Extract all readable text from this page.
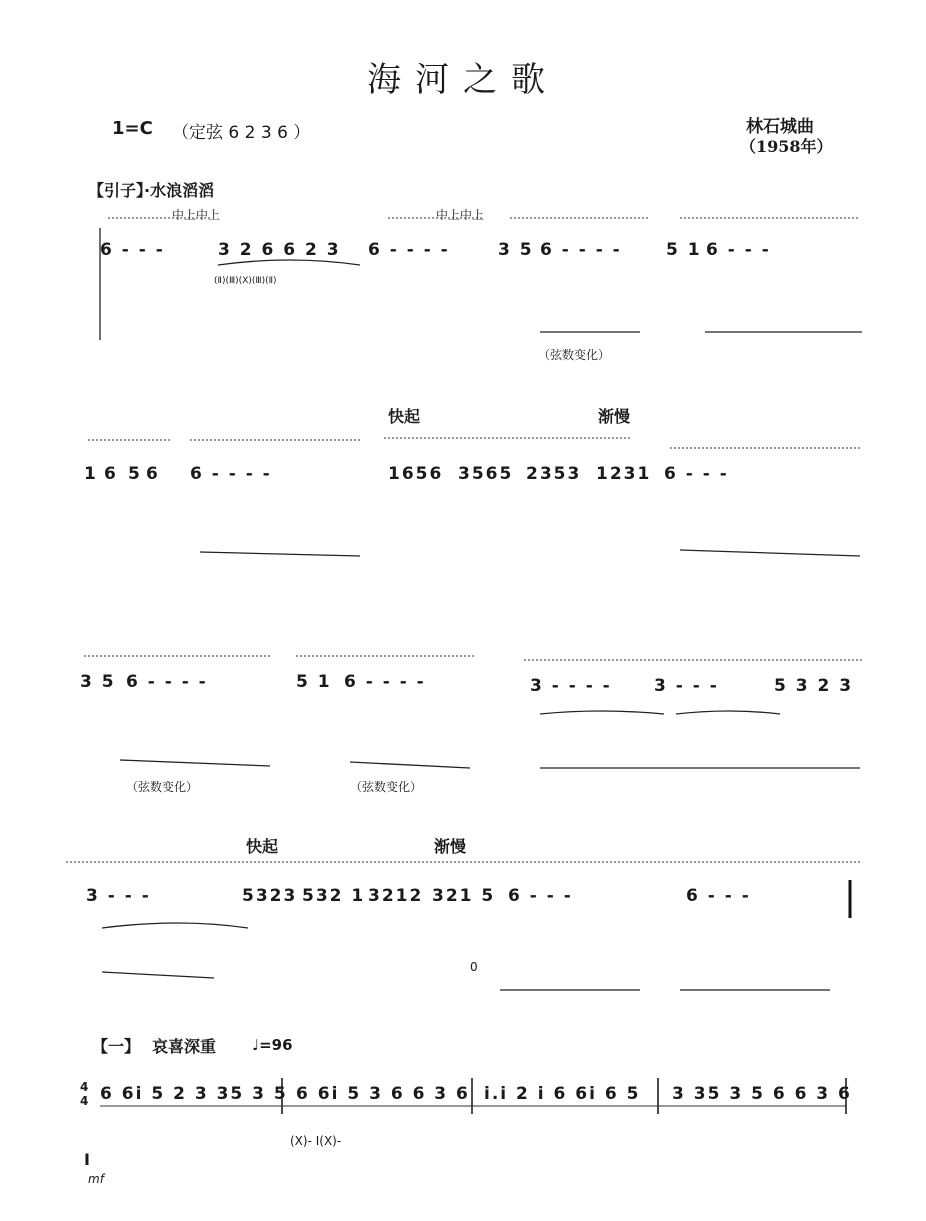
海河之歌
1=C （定弦 6 2 3 6 ）	林石城曲
（1958年）
【引子】·水浪滔滔
中上中上	中上中上
6 - - -	3 2 6 6 2 3 6 - - - -	3 5 6 - - - -	5 1 6 - - -
(Ⅱ)(Ⅲ)(X)(Ⅲ)(Ⅱ)
（弦数变化）
1 6 5 6 6 - - - -
快起	渐慢
1656 3565 2353 1231 6 - - -
3 5 6 - - - -	5 1 6 - - - -	3 - - - - 3 - - -	5 3 2 3
（弦数变化）	（弦数变化）
快起	渐慢
3 - - -	5323 532 1 3212 321 5 6 - - -	6 - - -
0
【一】 哀喜深重 ♩=96
4
4 6 6i 5 2 3 35 3 5 6 6i 5 3 6 6 3 6 i.i 2 i 6 6i 6 5 3 35 3 5 6 6 3 6
(X)- I(X)-
I
mf
